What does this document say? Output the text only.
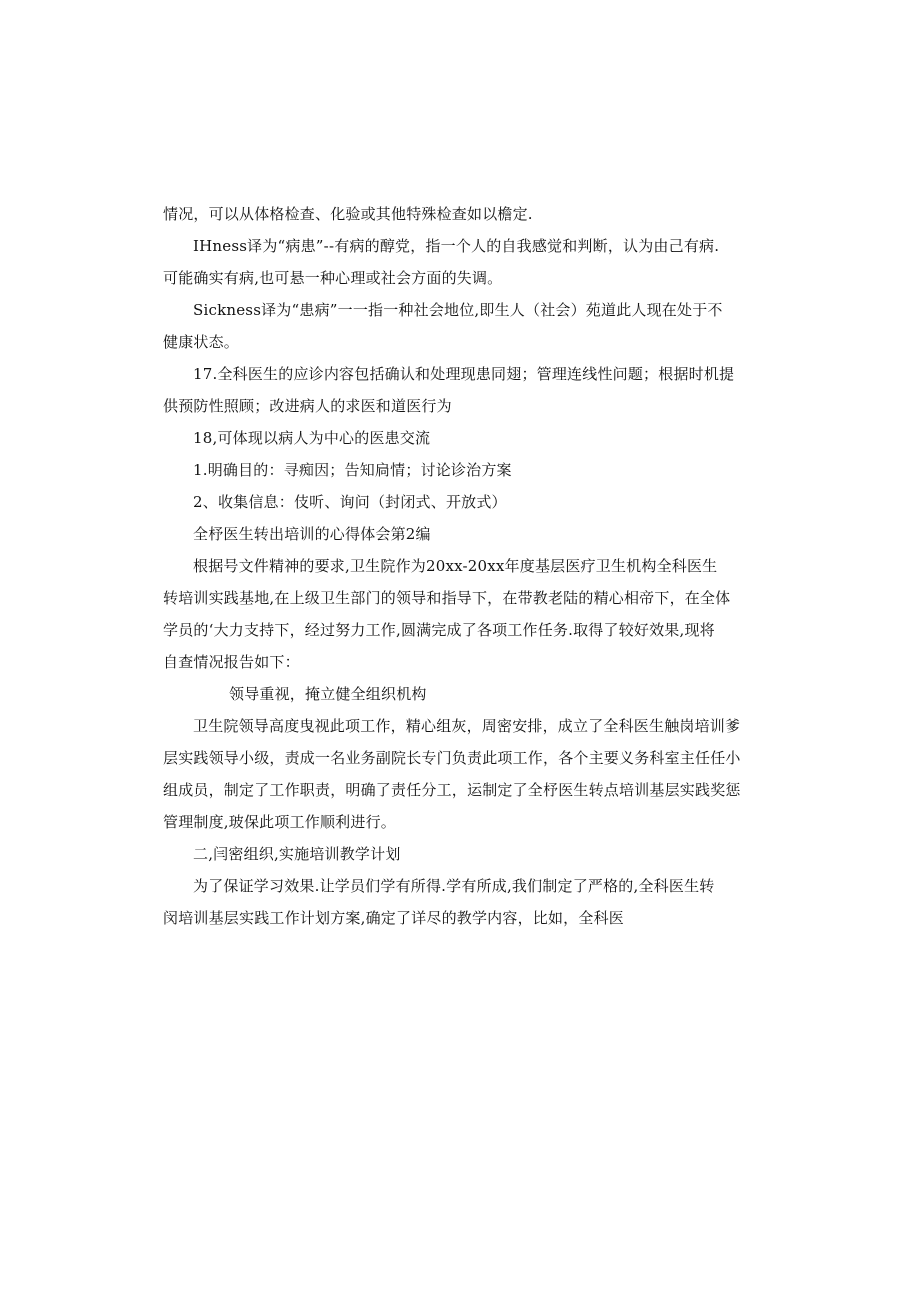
情况，可以从体格检查、化验或其他特殊检查如以檐定.
IHness译为“病患”--有病的醇党，指一个人的自我感觉和判断，认为由己有病.
可能确实有病,也可悬一种心理或社会方面的失调。
Sickness译为“患病”一一指一种社会地位,即生人（社会）苑道此人现在处于不
健康状态。
17.全科医生的应诊内容包括确认和处理现患同翅；管理连线性问题；根据时机提
供预防性照顾；改进病人的求医和道医行为
18,可体现以病人为中心的医患交流
1.明确目的：寻痴因；告知扃情；讨论诊治方案
2、收集信息：伎听、询问（封闭式、开放式）
全杼医生转出培训的心得体会第2编
根据号文件精神的要求,卫生院作为20xx-20xx年度基层医疗卫生机构全科医生
转培训实践基地,在上级卫生部门的领导和指导下，在带教老陆的精心相帝下，在全体
学员的‘大力支持下，经过努力工作,圆满完成了各项工作任务.取得了较好效果,现将
自查情况报告如下：
领导重视，掩立健全组织机构
卫生院领导高度曳视此项工作，精心组灰，周密安排，成立了全科医生触岗培训爹
层实践领导小级，责成一名业务副院长专门负责此项工作，各个主要义务科室主任任小
组成员，制定了工作职责，明确了责任分工，运制定了全杼医生转点培训基层实践奖惩
管理制度,玻保此项工作顺利进行。
二,闫密组织,实施培训教学计划
为了保证学习效果.让学员们学有所得.学有所成,我们制定了严格的,全科医生转
闵培训基层实践工作计划方案,确定了详尽的教学内容，比如，全科医
